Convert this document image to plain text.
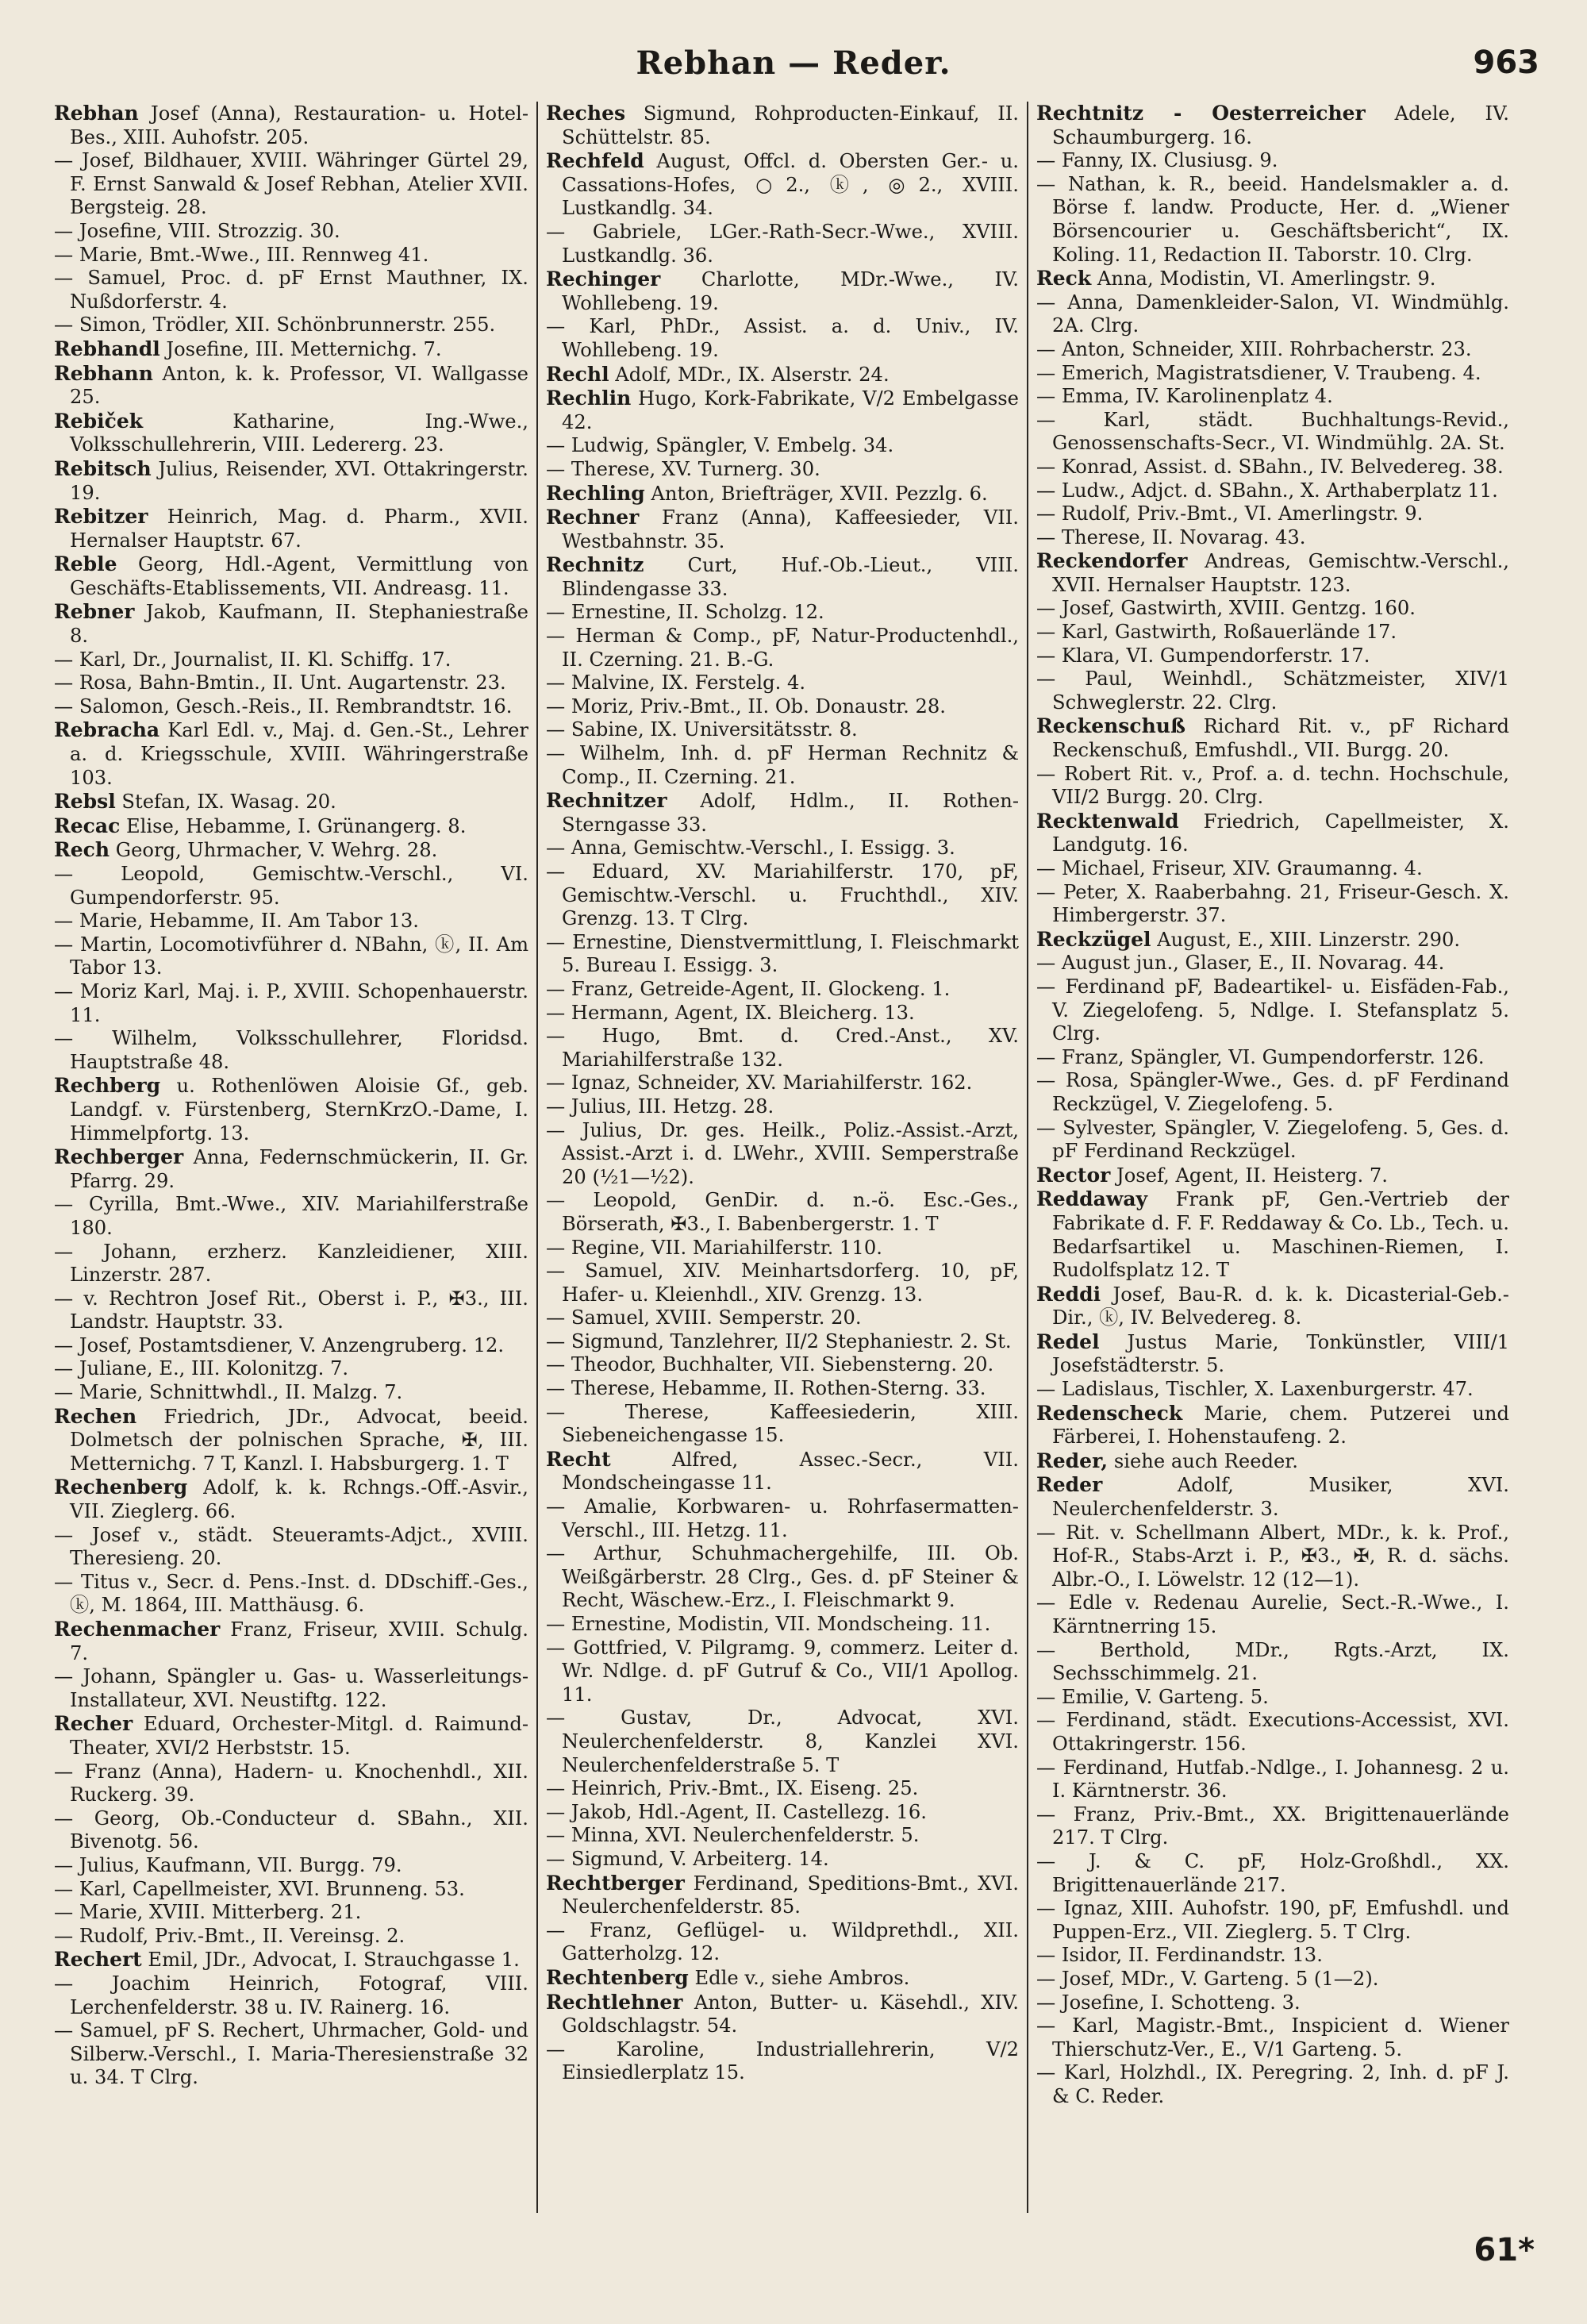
Rebhan — Reder.	963
Rebhan Josef (Anna), Restauration- u. Hotel-Bes., XIII. Auhofstr. 205.
— Josef, Bildhauer, XVIII. Währinger Gürtel 29, F. Ernst Sanwald & Josef Rebhan, Atelier XVII. Bergsteig. 28.
— Josefine, VIII. Strozzig. 30.
— Marie, Bmt.-Wwe., III. Rennweg 41.
— Samuel, Proc. d. pF Ernst Mauthner, IX. Nußdorferstr. 4.
— Simon, Trödler, XII. Schönbrunnerstr. 255.
Rebhandl Josefine, III. Metternichg. 7.
Rebhann Anton, k. k. Professor, VI. Wallgasse 25.
Rebiček Katharine, Ing.-Wwe., Volksschullehrerin, VIII. Ledererg. 23.
Rebitsch Julius, Reisender, XVI. Ottakringerstr. 19.
Rebitzer Heinrich, Mag. d. Pharm., XVII. Hernalser Hauptstr. 67.
Reble Georg, Hdl.-Agent, Vermittlung von Geschäfts-Etablissements, VII. Andreasg. 11.
Rebner Jakob, Kaufmann, II. Stephaniestraße 8.
— Karl, Dr., Journalist, II. Kl. Schiffg. 17.
— Rosa, Bahn-Bmtin., II. Unt. Augartenstr. 23.
— Salomon, Gesch.-Reis., II. Rembrandtstr. 16.
Rebracha Karl Edl. v., Maj. d. Gen.-St., Lehrer a. d. Kriegsschule, XVIII. Währingerstraße 103.
Rebsl Stefan, IX. Wasag. 20.
Recac Elise, Hebamme, I. Grünangerg. 8.
Rech Georg, Uhrmacher, V. Wehrg. 28.
— Leopold, Gemischtw.-Verschl., VI. Gumpendorferstr. 95.
— Marie, Hebamme, II. Am Tabor 13.
— Martin, Locomotivführer d. NBahn, ⓚ, II. Am Tabor 13.
— Moriz Karl, Maj. i. P., XVIII. Schopenhauerstr. 11.
— Wilhelm, Volksschullehrer, Floridsd. Hauptstraße 48.
Rechberg u. Rothenlöwen Aloisie Gf., geb. Landgf. v. Fürstenberg, SternKrzO.-Dame, I. Himmelpfortg. 13.
Rechberger Anna, Federnschmückerin, II. Gr. Pfarrg. 29.
— Cyrilla, Bmt.-Wwe., XIV. Mariahilferstraße 180.
— Johann, erzherz. Kanzleidiener, XIII. Linzerstr. 287.
— v. Rechtron Josef Rit., Oberst i. P., ✠3., III. Landstr. Hauptstr. 33.
— Josef, Postamtsdiener, V. Anzengruberg. 12.
— Juliane, E., III. Kolonitzg. 7.
— Marie, Schnittwhdl., II. Malzg. 7.
Rechen Friedrich, JDr., Advocat, beeid. Dolmetsch der polnischen Sprache, ✠, III. Metternichg. 7 T, Kanzl. I. Habsburgerg. 1. T
Rechenberg Adolf, k. k. Rchngs.-Off.-Asvir., VII. Zieglerg. 66.
— Josef v., städt. Steueramts-Adjct., XVIII. Theresieng. 20.
— Titus v., Secr. d. Pens.-Inst. d. DDschiff.-Ges., ⓚ, M. 1864, III. Matthäusg. 6.
Rechenmacher Franz, Friseur, XVIII. Schulg. 7.
— Johann, Spängler u. Gas- u. Wasserleitungs-Installateur, XVI. Neustiftg. 122.
Recher Eduard, Orchester-Mitgl. d. Raimund-Theater, XVI/2 Herbststr. 15.
— Franz (Anna), Hadern- u. Knochenhdl., XII. Ruckerg. 39.
— Georg, Ob.-Conducteur d. SBahn., XII. Bivenotg. 56.
— Julius, Kaufmann, VII. Burgg. 79.
— Karl, Capellmeister, XVI. Brunneng. 53.
— Marie, XVIII. Mitterberg. 21.
— Rudolf, Priv.-Bmt., II. Vereinsg. 2.
Rechert Emil, JDr., Advocat, I. Strauchgasse 1.
— Joachim Heinrich, Fotograf, VIII. Lerchenfelderstr. 38 u. IV. Rainerg. 16.
— Samuel, pF S. Rechert, Uhrmacher, Gold- und Silberw.-Verschl., I. Maria-Theresienstraße 32 u. 34. T Clrg.
Reches Sigmund, Rohproducten-Einkauf, II. Schüttelstr. 85.
Rechfeld August, Offcl. d. Obersten Ger.- u. Cassations-Hofes, ○2., ⓚ, ◎2., XVIII. Lustkandlg. 34.
— Gabriele, LGer.-Rath-Secr.-Wwe., XVIII. Lustkandlg. 36.
Rechinger Charlotte, MDr.-Wwe., IV. Wohllebeng. 19.
— Karl, PhDr., Assist. a. d. Univ., IV. Wohllebeng. 19.
Rechl Adolf, MDr., IX. Alserstr. 24.
Rechlin Hugo, Kork-Fabrikate, V/2 Embelgasse 42.
— Ludwig, Spängler, V. Embelg. 34.
— Therese, XV. Turnerg. 30.
Rechling Anton, Briefträger, XVII. Pezzlg. 6.
Rechner Franz (Anna), Kaffeesieder, VII. Westbahnstr. 35.
Rechnitz Curt, Huf.-Ob.-Lieut., VIII. Blindengasse 33.
— Ernestine, II. Scholzg. 12.
— Herman & Comp., pF, Natur-Productenhdl., II. Czerning. 21. B.-G.
— Malvine, IX. Ferstelg. 4.
— Moriz, Priv.-Bmt., II. Ob. Donaustr. 28.
— Sabine, IX. Universitätsstr. 8.
— Wilhelm, Inh. d. pF Herman Rechnitz & Comp., II. Czerning. 21.
Rechnitzer Adolf, Hdlm., II. Rothen-Sterngasse 33.
— Anna, Gemischtw.-Verschl., I. Essigg. 3.
— Eduard, XV. Mariahilferstr. 170, pF, Gemischtw.-Verschl. u. Fruchthdl., XIV. Grenzg. 13. T Clrg.
— Ernestine, Dienstvermittlung, I. Fleischmarkt 5. Bureau I. Essigg. 3.
— Franz, Getreide-Agent, II. Glockeng. 1.
— Hermann, Agent, IX. Bleicherg. 13.
— Hugo, Bmt. d. Cred.-Anst., XV. Mariahilferstraße 132.
— Ignaz, Schneider, XV. Mariahilferstr. 162.
— Julius, III. Hetzg. 28.
— Julius, Dr. ges. Heilk., Poliz.-Assist.-Arzt, Assist.-Arzt i. d. LWehr., XVIII. Semperstraße 20 (½1—½2).
— Leopold, GenDir. d. n.-ö. Esc.-Ges., Börserath, ✠3., I. Babenbergerstr. 1. T
— Regine, VII. Mariahilferstr. 110.
— Samuel, XIV. Meinhartsdorferg. 10, pF, Hafer- u. Kleienhdl., XIV. Grenzg. 13.
— Samuel, XVIII. Semperstr. 20.
— Sigmund, Tanzlehrer, II/2 Stephaniestr. 2. St.
— Theodor, Buchhalter, VII. Siebensterng. 20.
— Therese, Hebamme, II. Rothen-Sterng. 33.
— Therese, Kaffeesiederin, XIII. Siebeneichengasse 15.
Recht Alfred, Assec.-Secr., VII. Mondscheingasse 11.
— Amalie, Korbwaren- u. Rohrfasermatten-Verschl., III. Hetzg. 11.
— Arthur, Schuhmachergehilfe, III. Ob. Weißgärberstr. 28 Clrg., Ges. d. pF Steiner & Recht, Wäschew.-Erz., I. Fleischmarkt 9.
— Ernestine, Modistin, VII. Mondscheing. 11.
— Gottfried, V. Pilgramg. 9, commerz. Leiter d. Wr. Ndlge. d. pF Gutruf & Co., VII/1 Apollog. 11.
— Gustav, Dr., Advocat, XVI. Neulerchenfelderstr. 8, Kanzlei XVI. Neulerchenfelderstraße 5. T
— Heinrich, Priv.-Bmt., IX. Eiseng. 25.
— Jakob, Hdl.-Agent, II. Castellezg. 16.
— Minna, XVI. Neulerchenfelderstr. 5.
— Sigmund, V. Arbeiterg. 14.
Rechtberger Ferdinand, Speditions-Bmt., XVI. Neulerchenfelderstr. 85.
— Franz, Geflügel- u. Wildprethdl., XII. Gatterholzg. 12.
Rechtenberg Edle v., siehe Ambros.
Rechtlehner Anton, Butter- u. Käsehdl., XIV. Goldschlagstr. 54.
— Karoline, Industriallehrerin, V/2 Einsiedlerplatz 15.
Rechtnitz - Oesterreicher Adele, IV. Schaumburgerg. 16.
— Fanny, IX. Clusiusg. 9.
— Nathan, k. R., beeid. Handelsmakler a. d. Börse f. landw. Producte, Her. d. „Wiener Börsencourier u. Geschäftsbericht“, IX. Koling. 11, Redaction II. Taborstr. 10. Clrg.
Reck Anna, Modistin, VI. Amerlingstr. 9.
— Anna, Damenkleider-Salon, VI. Windmühlg. 2A. Clrg.
— Anton, Schneider, XIII. Rohrbacherstr. 23.
— Emerich, Magistratsdiener, V. Traubeng. 4.
— Emma, IV. Karolinenplatz 4.
— Karl, städt. Buchhaltungs-Revid., Genossenschafts-Secr., VI. Windmühlg. 2A. St.
— Konrad, Assist. d. SBahn., IV. Belvedereg. 38.
— Ludw., Adjct. d. SBahn., X. Arthaberplatz 11.
— Rudolf, Priv.-Bmt., VI. Amerlingstr. 9.
— Therese, II. Novarag. 43.
Reckendorfer Andreas, Gemischtw.-Verschl., XVII. Hernalser Hauptstr. 123.
— Josef, Gastwirth, XVIII. Gentzg. 160.
— Karl, Gastwirth, Roßauerlände 17.
— Klara, VI. Gumpendorferstr. 17.
— Paul, Weinhdl., Schätzmeister, XIV/1 Schweglerstr. 22. Clrg.
Reckenschuß Richard Rit. v., pF Richard Reckenschuß, Emfushdl., VII. Burgg. 20.
— Robert Rit. v., Prof. a. d. techn. Hochschule, VII/2 Burgg. 20. Clrg.
Recktenwald Friedrich, Capellmeister, X. Landgutg. 16.
— Michael, Friseur, XIV. Graumanng. 4.
— Peter, X. Raaberbahng. 21, Friseur-Gesch. X. Himbergerstr. 37.
Reckzügel August, E., XIII. Linzerstr. 290.
— August jun., Glaser, E., II. Novarag. 44.
— Ferdinand pF, Badeartikel- u. Eisfäden-Fab., V. Ziegelofeng. 5, Ndlge. I. Stefansplatz 5. Clrg.
— Franz, Spängler, VI. Gumpendorferstr. 126.
— Rosa, Spängler-Wwe., Ges. d. pF Ferdinand Reckzügel, V. Ziegelofeng. 5.
— Sylvester, Spängler, V. Ziegelofeng. 5, Ges. d. pF Ferdinand Reckzügel.
Rector Josef, Agent, II. Heisterg. 7.
Reddaway Frank pF, Gen.-Vertrieb der Fabrikate d. F. F. Reddaway & Co. Lb., Tech. u. Bedarfsartikel u. Maschinen-Riemen, I. Rudolfsplatz 12. T
Reddi Josef, Bau-R. d. k. k. Dicasterial-Geb.-Dir., ⓚ, IV. Belvedereg. 8.
Redel Justus Marie, Tonkünstler, VIII/1 Josefstädterstr. 5.
— Ladislaus, Tischler, X. Laxenburgerstr. 47.
Redenscheck Marie, chem. Putzerei und Färberei, I. Hohenstaufeng. 2.
Reder, siehe auch Reeder.
Reder Adolf, Musiker, XVI. Neulerchenfelderstr. 3.
— Rit. v. Schellmann Albert, MDr., k. k. Prof., Hof-R., Stabs-Arzt i. P., ✠3., ✠, R. d. sächs. Albr.-O., I. Löwelstr. 12 (12—1).
— Edle v. Redenau Aurelie, Sect.-R.-Wwe., I. Kärntnerring 15.
— Berthold, MDr., Rgts.-Arzt, IX. Sechsschimmelg. 21.
— Emilie, V. Garteng. 5.
— Ferdinand, städt. Executions-Accessist, XVI. Ottakringerstr. 156.
— Ferdinand, Hutfab.-Ndlge., I. Johannesg. 2 u. I. Kärntnerstr. 36.
— Franz, Priv.-Bmt., XX. Brigittenauerlände 217. T Clrg.
— J. & C. pF, Holz-Großhdl., XX. Brigittenauerlände 217.
— Ignaz, XIII. Auhofstr. 190, pF, Emfushdl. und Puppen-Erz., VII. Zieglerg. 5. T Clrg.
— Isidor, II. Ferdinandstr. 13.
— Josef, MDr., V. Garteng. 5 (1—2).
— Josefine, I. Schotteng. 3.
— Karl, Magistr.-Bmt., Inspicient d. Wiener Thierschutz-Ver., E., V/1 Garteng. 5.
— Karl, Holzhdl., IX. Peregring. 2, Inh. d. pF J. & C. Reder.
61*
